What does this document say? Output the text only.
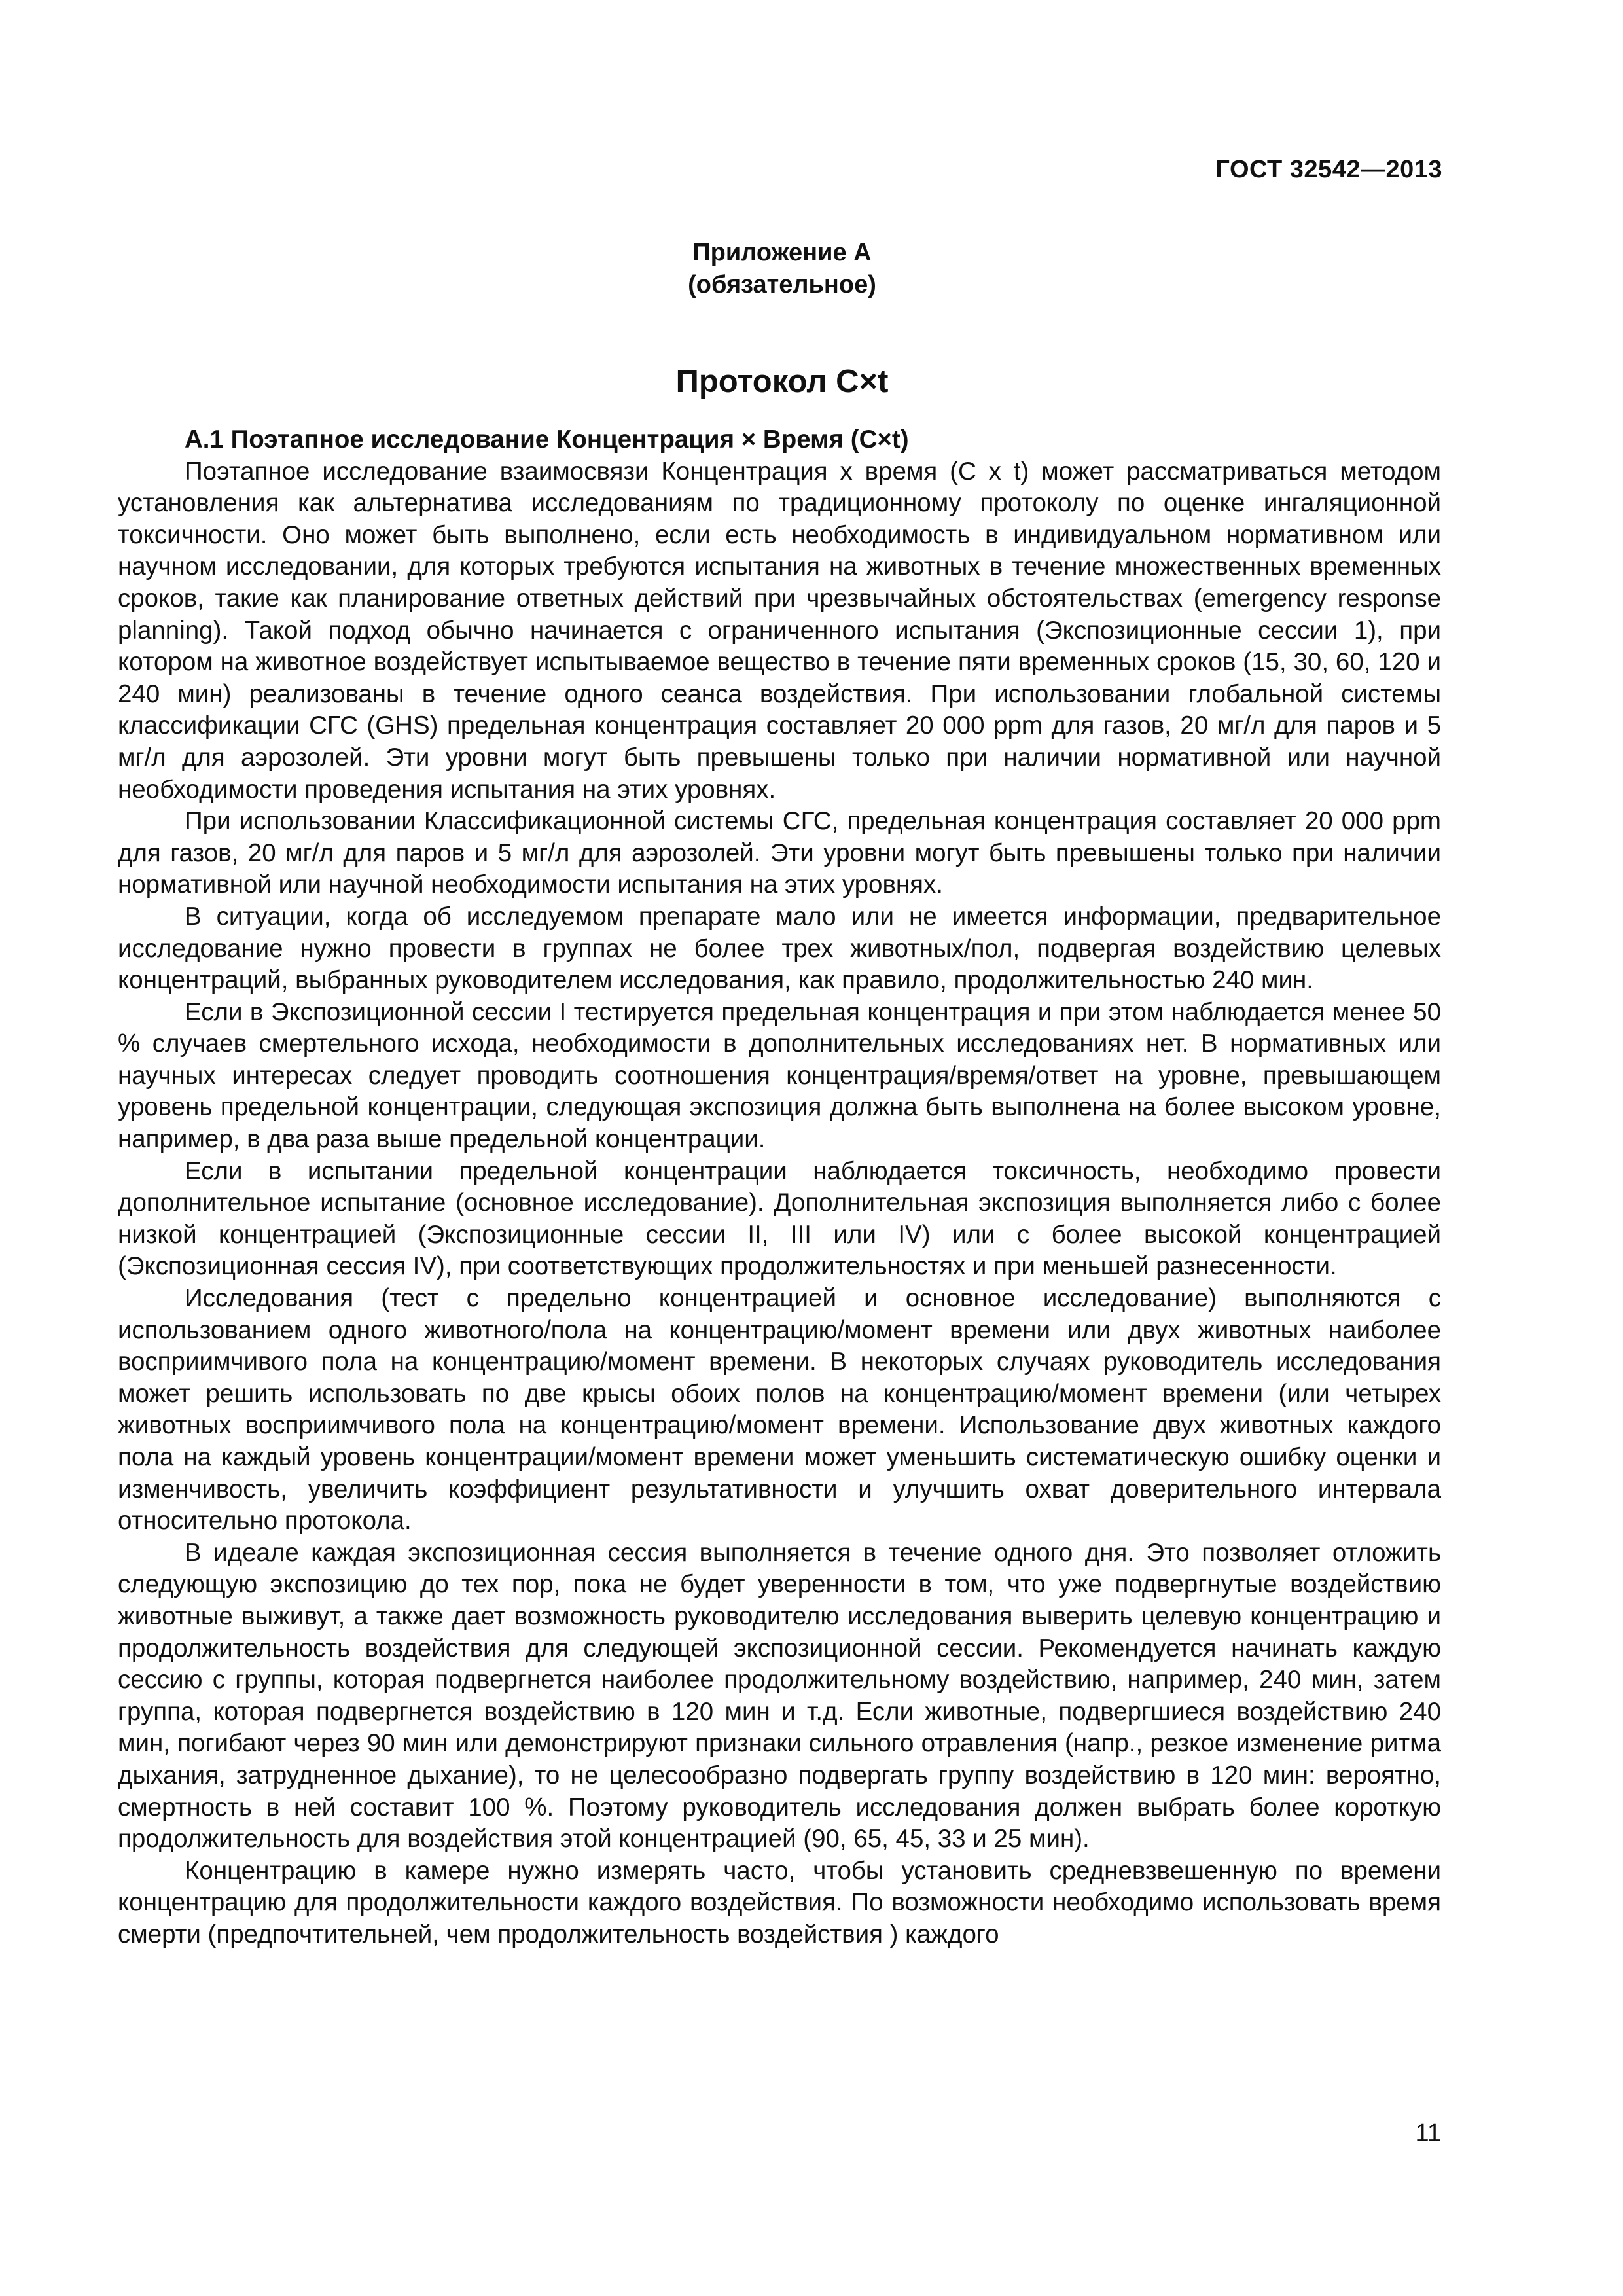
ГОСТ 32542—2013

Приложение А
(обязательное)
Протокол С×t
А.1 Поэтапное исследование Концентрация × Время (С×t)

Поэтапное исследование взаимосвязи Концентрация x время (C x t) может рассматриваться методом установления как альтернатива исследованиям по традиционному протоколу по оценке ингаляционной токсичности. Оно может быть выполнено, если есть необходимость в индивидуальном нормативном или научном исследовании, для которых требуются испытания на животных в течение множественных временных сроков, такие как планирование ответных действий при чрезвычайных обстоятельствах (emergency response planning). Такой подход обычно начинается с ограниченного испытания (Экспозиционные сессии 1), при котором на животное воздействует испытываемое вещество в течение пяти временных сроков (15, 30, 60, 120 и 240 мин) реализованы в течение одного сеанса воздействия. При использовании глобальной системы классификации СГС (GHS) предельная концентрация составляет 20 000 ppm для газов, 20 мг/л для паров и 5 мг/л для аэрозолей. Эти уровни могут быть превышены только при наличии нормативной или научной необходимости проведения испытания на этих уровнях.

При использовании Классификационной системы СГС, предельная концентрация составляет 20 000 ppm для газов, 20 мг/л для паров и 5 мг/л для аэрозолей. Эти уровни могут быть превышены только при наличии нормативной или научной необходимости испытания на этих уровнях.

В ситуации, когда об исследуемом препарате мало или не имеется информации, предварительное исследование нужно провести в группах не более трех животных/пол, подвергая воздействию целевых концентраций, выбранных руководителем исследования, как правило, продолжительностью 240 мин.

Если в Экспозиционной сессии I тестируется предельная концентрация и при этом наблюдается менее 50 % случаев смертельного исхода, необходимости в дополнительных исследованиях нет. В нормативных или научных интересах следует проводить соотношения концентрация/время/ответ на уровне, превышающем уровень предельной концентрации, следующая экспозиция должна быть выполнена на более высоком уровне, например, в два раза выше предельной концентрации.

Если в испытании предельной концентрации наблюдается токсичность, необходимо провести дополнительное испытание (основное исследование). Дополнительная экспозиция выполняется либо с более низкой концентрацией (Экспозиционные сессии II, III или IV) или с более высокой концентрацией (Экспозиционная сессия IV), при соответствующих продолжительностях и при меньшей разнесенности.

Исследования (тест с предельно концентрацией и основное исследование) выполняются с использованием одного животного/пола на концентрацию/момент времени или двух животных наиболее восприимчивого пола на концентрацию/момент времени. В некоторых случаях руководитель исследования может решить использовать по две крысы обоих полов на концентрацию/момент времени (или четырех животных восприимчивого пола на концентрацию/момент времени. Использование двух животных каждого пола на каждый уровень концентрации/момент времени может уменьшить систематическую ошибку оценки и изменчивость, увеличить коэффициент результативности и улучшить охват доверительного интервала относительно протокола.

В идеале каждая экспозиционная сессия выполняется в течение одного дня. Это позволяет отложить следующую экспозицию до тех пор, пока не будет уверенности в том, что уже подвергнутые воздействию животные выживут, а также дает возможность руководителю исследования выверить целевую концентрацию и продолжительность воздействия для следующей экспозиционной сессии. Рекомендуется начинать каждую сессию с группы, которая подвергнется наиболее продолжительному воздействию, например, 240 мин, затем группа, которая подвергнется воздействию в 120 мин и т.д. Если животные, подвергшиеся воздействию 240 мин, погибают через 90 мин или демонстрируют признаки сильного отравления (напр., резкое изменение ритма дыхания, затрудненное дыхание), то не целесообразно подвергать группу воздействию в 120 мин: вероятно, смертность в ней составит 100 %. Поэтому руководитель исследования должен выбрать более короткую продолжительность для воздействия этой концентрацией (90, 65, 45, 33 и 25 мин).

Концентрацию в камере нужно измерять часто, чтобы установить средневзвешенную по времени концентрацию для продолжительности каждого воздействия. По возможности необходимо использовать время смерти (предпочтительней, чем продолжительность воздействия ) каждого

11
